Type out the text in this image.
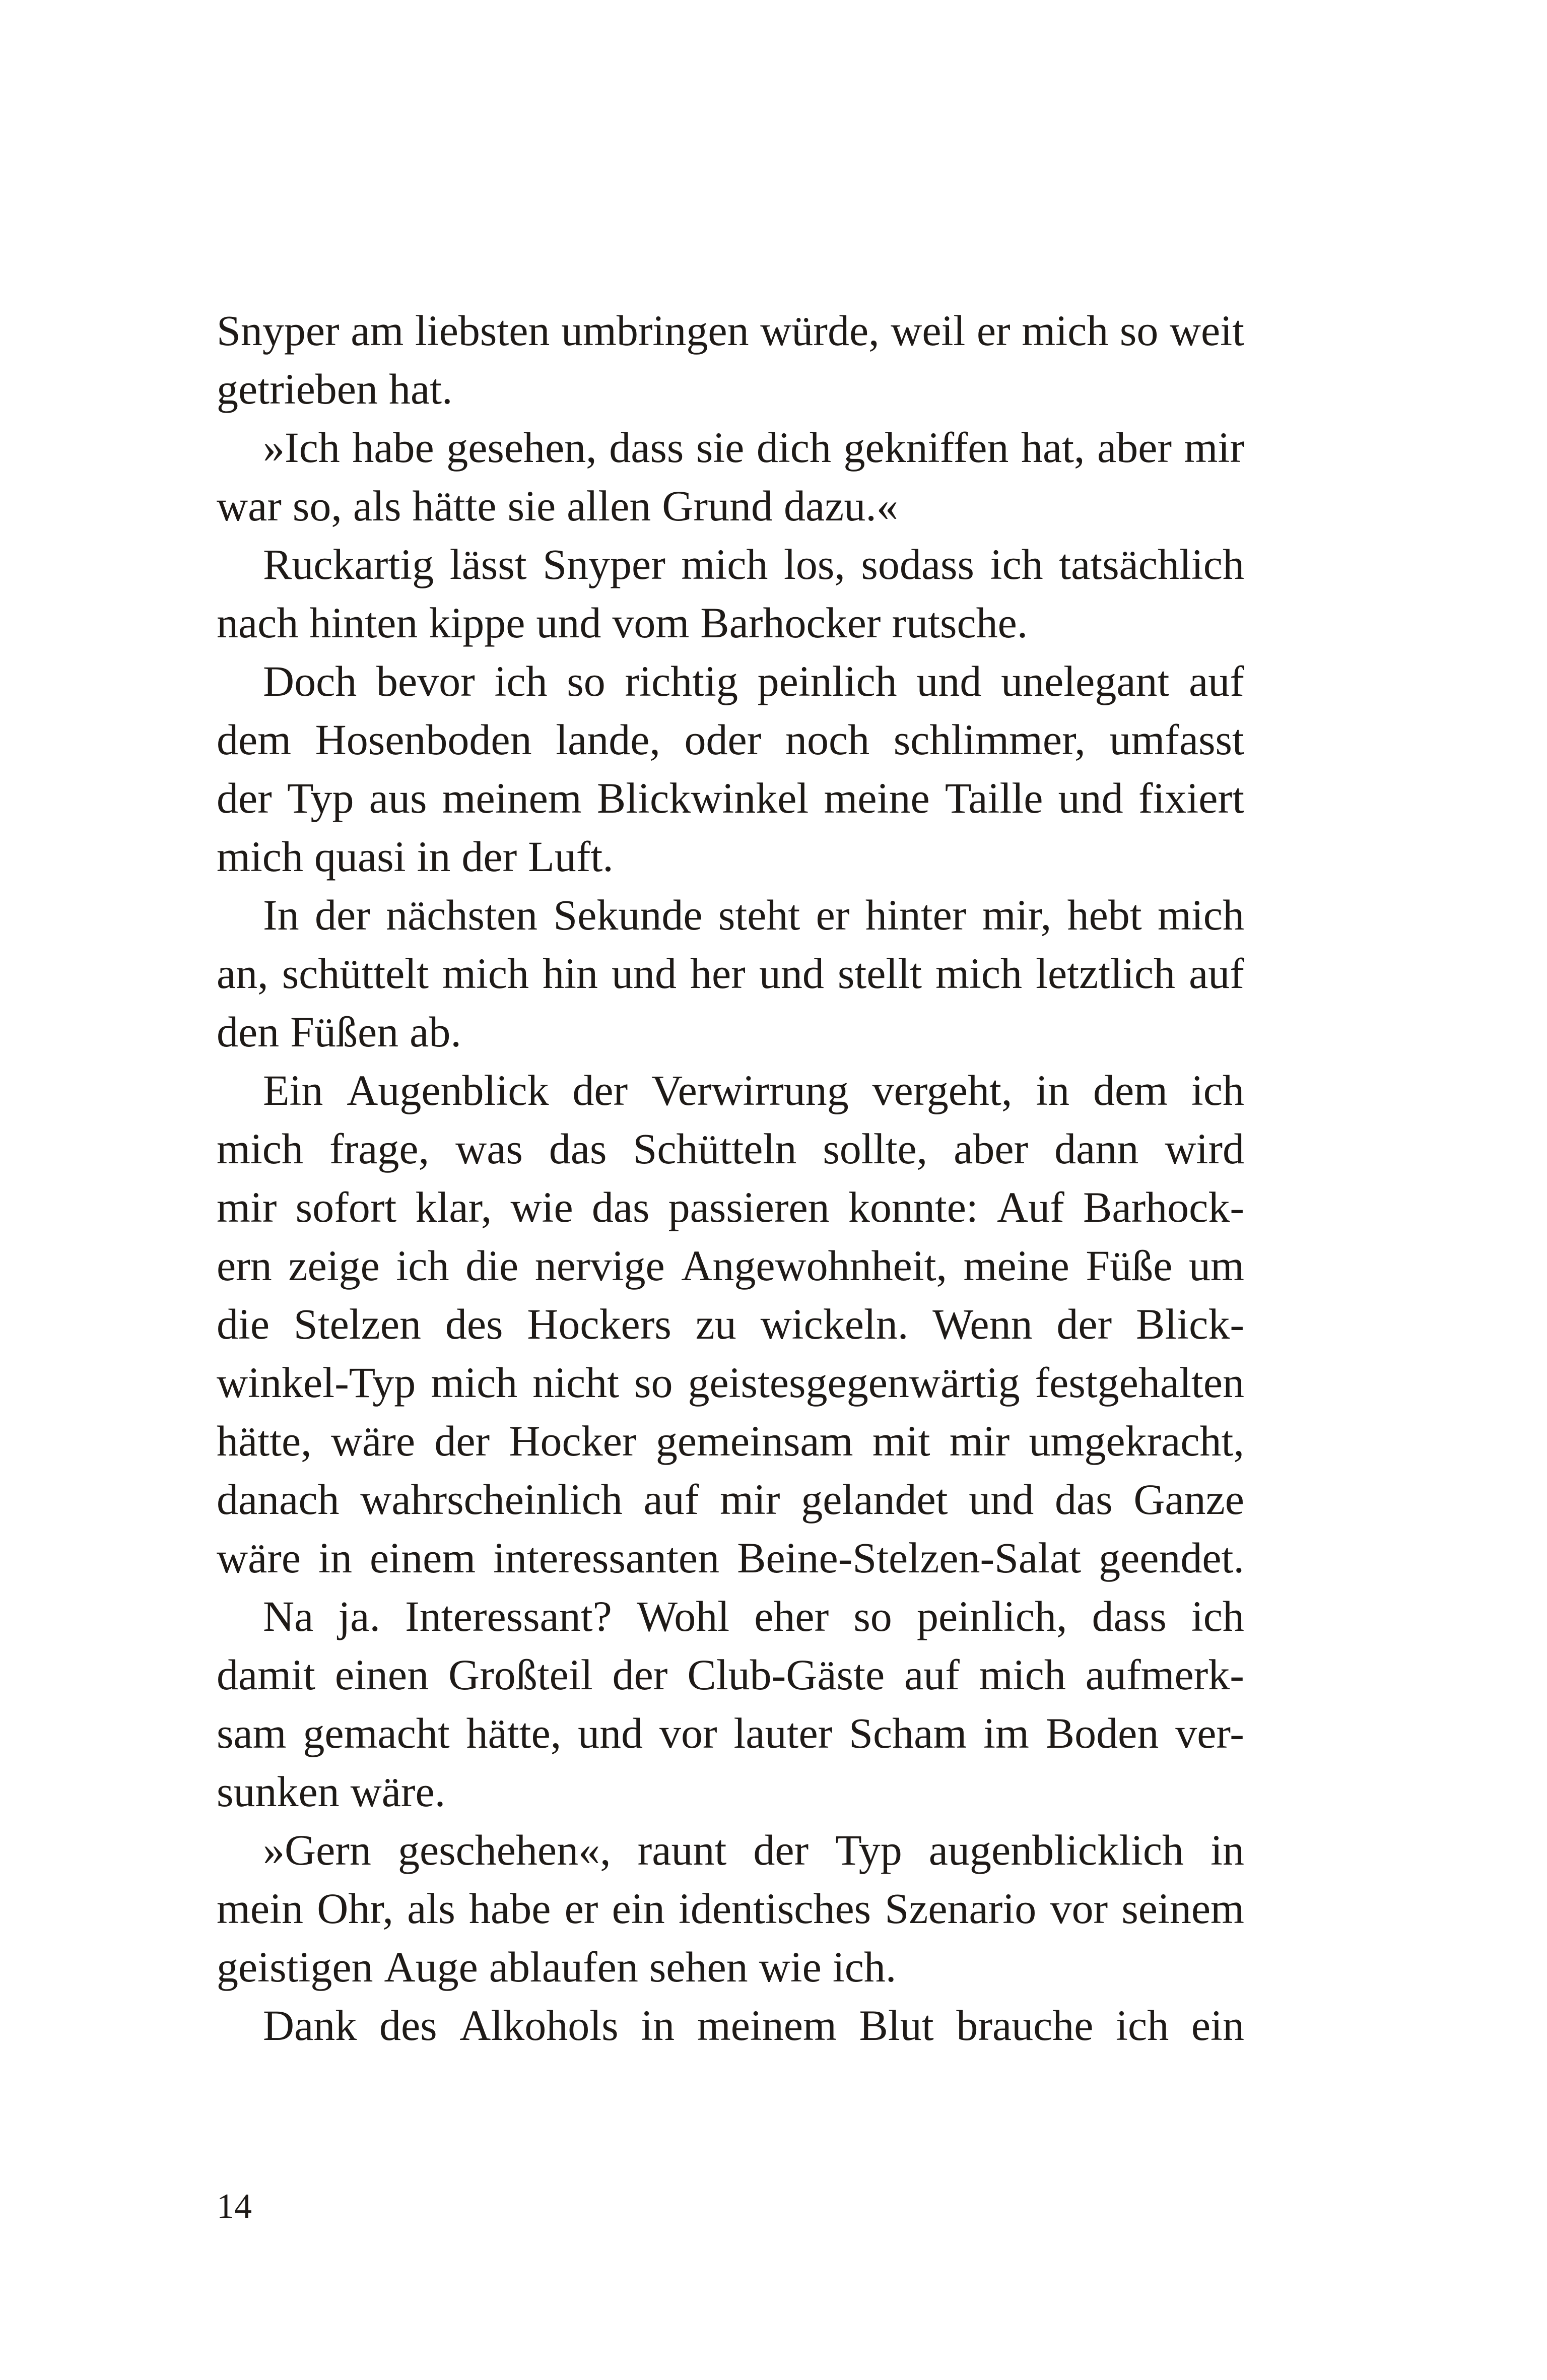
Snyper am liebsten umbringen würde, weil er mich so weit
getrieben hat.
»Ich habe gesehen, dass sie dich gekniffen hat, aber mir
war so, als hätte sie allen Grund dazu.«
Ruckartig lässt Snyper mich los, sodass ich tatsächlich
nach hinten kippe und vom Barhocker rutsche.
Doch bevor ich so richtig peinlich und unelegant auf
dem Hosenboden lande, oder noch schlimmer, umfasst
der Typ aus meinem Blickwinkel meine Taille und fixiert
mich quasi in der Luft.
In der nächsten Sekunde steht er hinter mir, hebt mich
an, schüttelt mich hin und her und stellt mich letztlich auf
den Füßen ab.
Ein Augenblick der Verwirrung vergeht, in dem ich
mich frage, was das Schütteln sollte, aber dann wird
mir sofort klar, wie das passieren konnte: Auf Barhock-
ern zeige ich die nervige Angewohnheit, meine Füße um
die Stelzen des Hockers zu wickeln. Wenn der Blick-
winkel-Typ mich nicht so geistesgegenwärtig festgehalten
hätte, wäre der Hocker gemeinsam mit mir umgekracht,
danach wahrscheinlich auf mir gelandet und das Ganze
wäre in einem interessanten Beine-Stelzen-Salat geendet.
Na ja. Interessant? Wohl eher so peinlich, dass ich
damit einen Großteil der Club-Gäste auf mich aufmerk-
sam gemacht hätte, und vor lauter Scham im Boden ver-
sunken wäre.
»Gern geschehen«, raunt der Typ augenblicklich in
mein Ohr, als habe er ein identisches Szenario vor seinem
geistigen Auge ablaufen sehen wie ich.
Dank des Alkohols in meinem Blut brauche ich ein
14
